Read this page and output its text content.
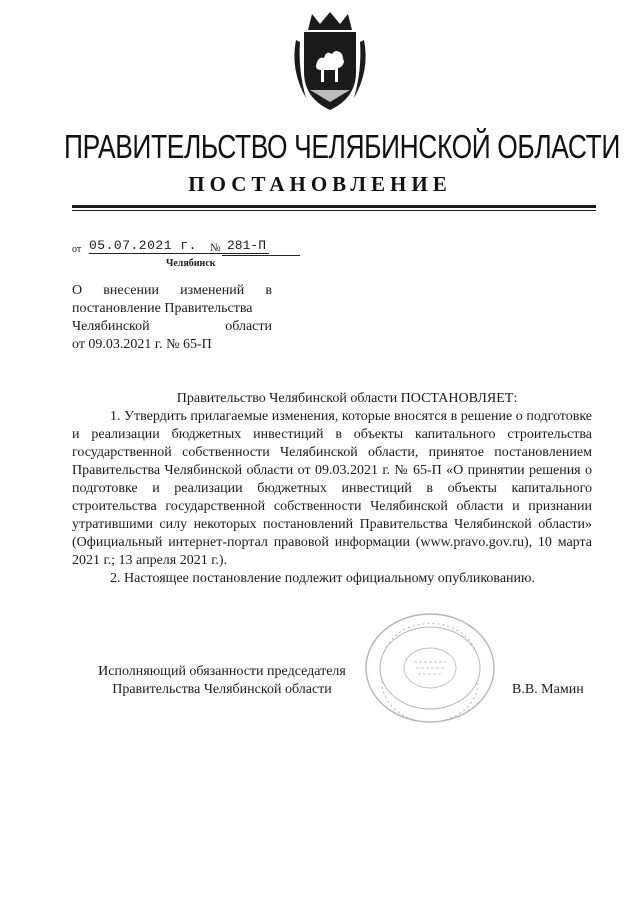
ПРАВИТЕЛЬСТВО ЧЕЛЯБИНСКОЙ ОБЛАСТИ
ПОСТАНОВЛЕНИЕ
от 05.07.2021 г.	№ 281-П
Челябинск
О внесении изменений в
постановление Правительства
Челябинской области
от 09.03.2021 г. № 65-П
Правительство Челябинской области ПОСТАНОВЛЯЕТ:
1. Утвердить прилагаемые изменения, которые вносятся в решение о подготовке и реализации бюджетных инвестиций в объекты капитального строительства государственной собственности Челябинской области, принятое постановлением Правительства Челябинской области от 09.03.2021 г. № 65-П «О принятии решения о подготовке и реализации бюджетных инвестиций в объекты капитального строительства государственной собственности Челябинской области и признании утратившими силу некоторых постановлений Правительства Челябинской области» (Официальный интернет-портал правовой информации (www.pravo.gov.ru), 10 марта 2021 г.; 13 апреля 2021 г.).
2. Настоящее постановление подлежит официальному опубликованию.
Исполняющий обязанности председателя
Правительства Челябинской области	В.В. Мамин
